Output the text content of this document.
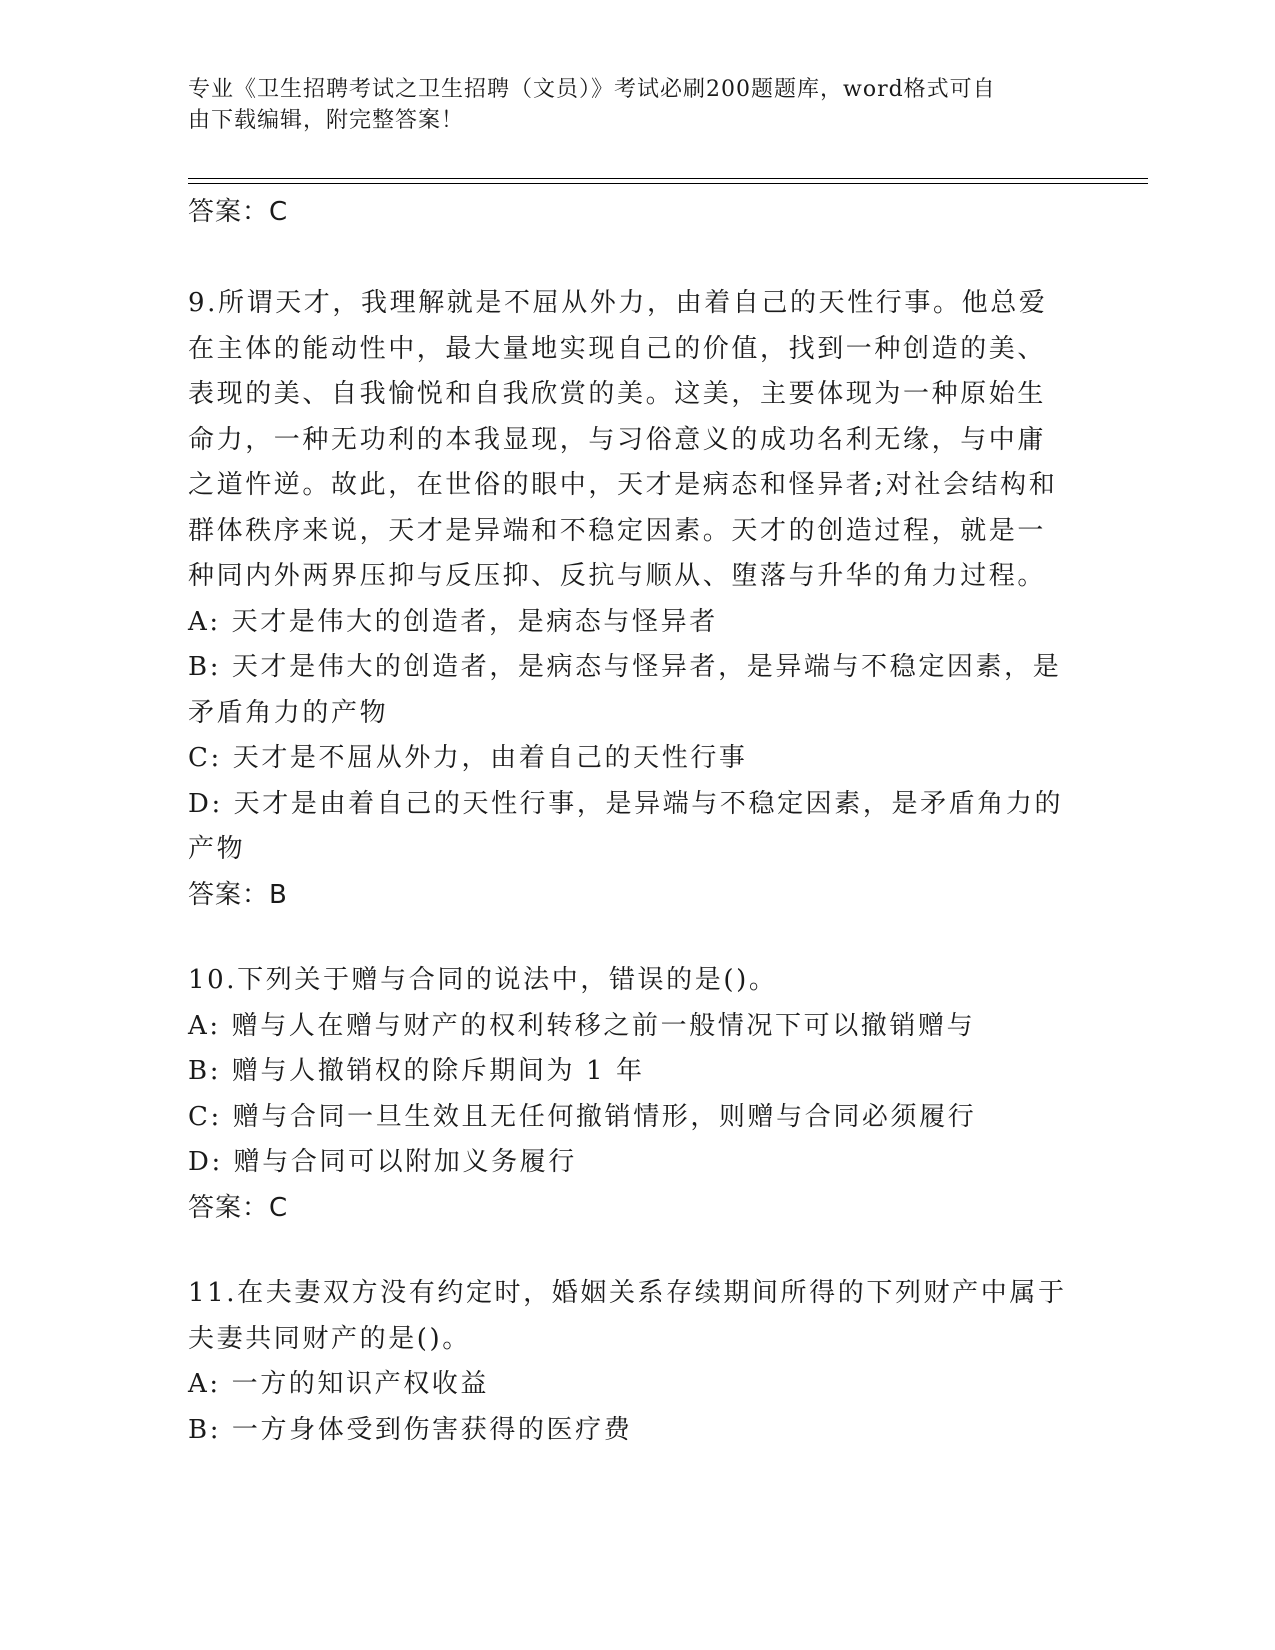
专业《卫生招聘考试之卫生招聘（文员）》考试必刷200题题库，word格式可自
由下载编辑，附完整答案！
答案：C
9.所谓天才，我理解就是不屈从外力，由着自己的天性行事。他总爱
在主体的能动性中，最大量地实现自己的价值，找到一种创造的美、
表现的美、自我愉悦和自我欣赏的美。这美，主要体现为一种原始生
命力，一种无功利的本我显现，与习俗意义的成功名利无缘，与中庸
之道忤逆。故此，在世俗的眼中，天才是病态和怪异者;对社会结构和
群体秩序来说，天才是异端和不稳定因素。天才的创造过程，就是一
种同内外两界压抑与反压抑、反抗与顺从、堕落与升华的角力过程。
A: 天才是伟大的创造者，是病态与怪异者
B: 天才是伟大的创造者，是病态与怪异者，是异端与不稳定因素，是
矛盾角力的产物
C: 天才是不屈从外力，由着自己的天性行事
D: 天才是由着自己的天性行事，是异端与不稳定因素，是矛盾角力的
产物
答案：B
10.下列关于赠与合同的说法中，错误的是()。
A: 赠与人在赠与财产的权利转移之前一般情况下可以撤销赠与
B: 赠与人撤销权的除斥期间为 1 年
C: 赠与合同一旦生效且无任何撤销情形，则赠与合同必须履行
D: 赠与合同可以附加义务履行
答案：C
11.在夫妻双方没有约定时，婚姻关系存续期间所得的下列财产中属于
夫妻共同财产的是()。
A: 一方的知识产权收益
B: 一方身体受到伤害获得的医疗费
